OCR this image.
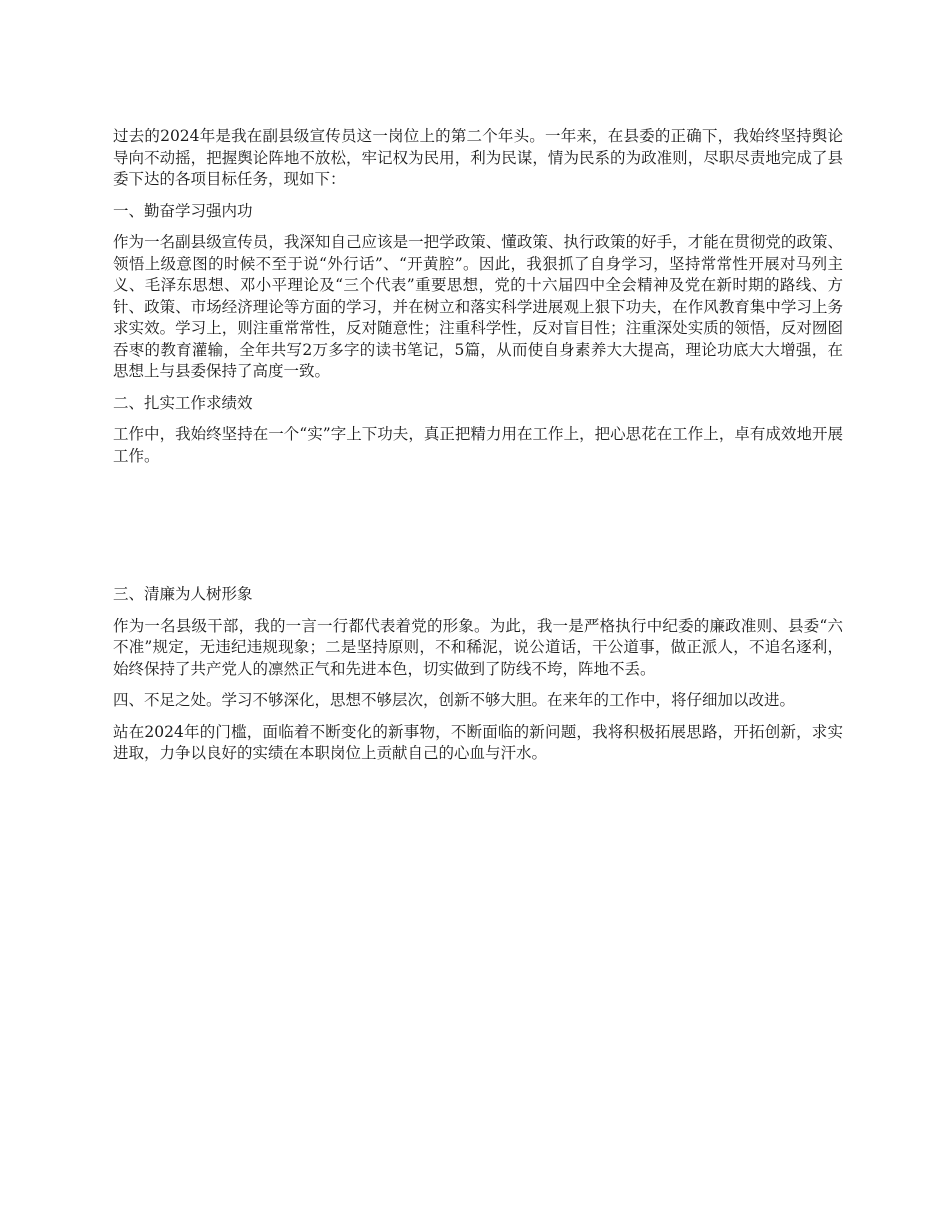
过去的2024年是我在副县级宣传员这一岗位上的第二个年头。一年来，在县委的正确下，我始终坚持舆论导向不动摇，把握舆论阵地不放松，牢记权为民用，利为民谋，情为民系的为政准则，尽职尽责地完成了县委下达的各项目标任务，现如下：

一、勤奋学习强内功

作为一名副县级宣传员，我深知自己应该是一把学政策、懂政策、执行政策的好手，才能在贯彻党的政策、领悟上级意图的时候不至于说“外行话”、“开黄腔”。因此，我狠抓了自身学习，坚持常常性开展对马列主义、毛泽东思想、邓小平理论及“三个代表”重要思想，党的十六届四中全会精神及党在新时期的路线、方针、政策、市场经济理论等方面的学习，并在树立和落实科学进展观上狠下功夫，在作风教育集中学习上务求实效。学习上，则注重常常性，反对随意性；注重科学性，反对盲目性；注重深处实质的领悟，反对囫囵吞枣的教育灌输，全年共写2万多字的读书笔记，5篇，从而使自身素养大大提高，理论功底大大增强，在思想上与县委保持了高度一致。

二、扎实工作求绩效

工作中，我始终坚持在一个“实”字上下功夫，真正把精力用在工作上，把心思花在工作上，卓有成效地开展工作。

三、清廉为人树形象

作为一名县级干部，我的一言一行都代表着党的形象。为此，我一是严格执行中纪委的廉政准则、县委“六不准”规定，无违纪违规现象；二是坚持原则，不和稀泥，说公道话，干公道事，做正派人，不追名逐利，始终保持了共产党人的凛然正气和先进本色，切实做到了防线不垮，阵地不丢。

四、不足之处。学习不够深化，思想不够层次，创新不够大胆。在来年的工作中，将仔细加以改进。

站在2024年的门槛，面临着不断变化的新事物，不断面临的新问题，我将积极拓展思路，开拓创新，求实进取，力争以良好的实绩在本职岗位上贡献自己的心血与汗水。
